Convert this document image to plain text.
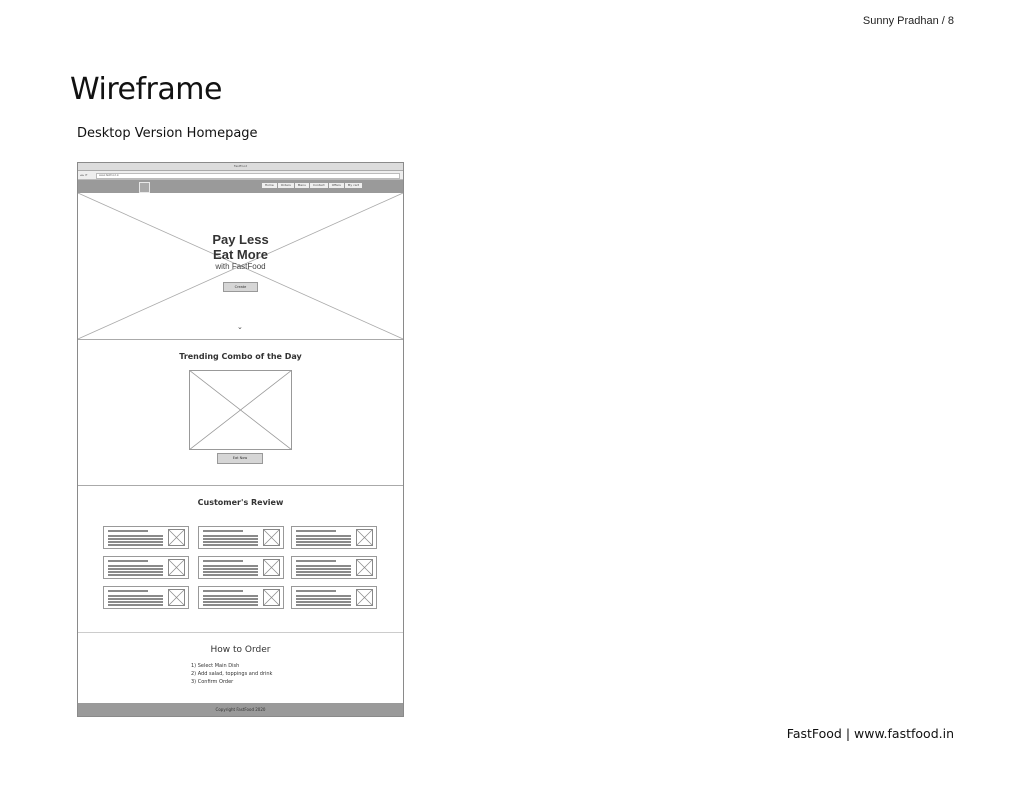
Sunny Pradhan / 8
Wireframe
Desktop Version Homepage
FastFood
◂▸⟳	www.fastfood.in
Home	Orders	Menu	Contact	Offers	My cart
Pay Less
Eat More
with FastFood
Create
⌄
Trending Combo of the Day
Eat Now
Customer's Review
How to Order
1) Select Main Dish
2) Add salad, toppings and drink
3) Confirm Order
Copyright FastFood 2020
FastFood | www.fastfood.in
